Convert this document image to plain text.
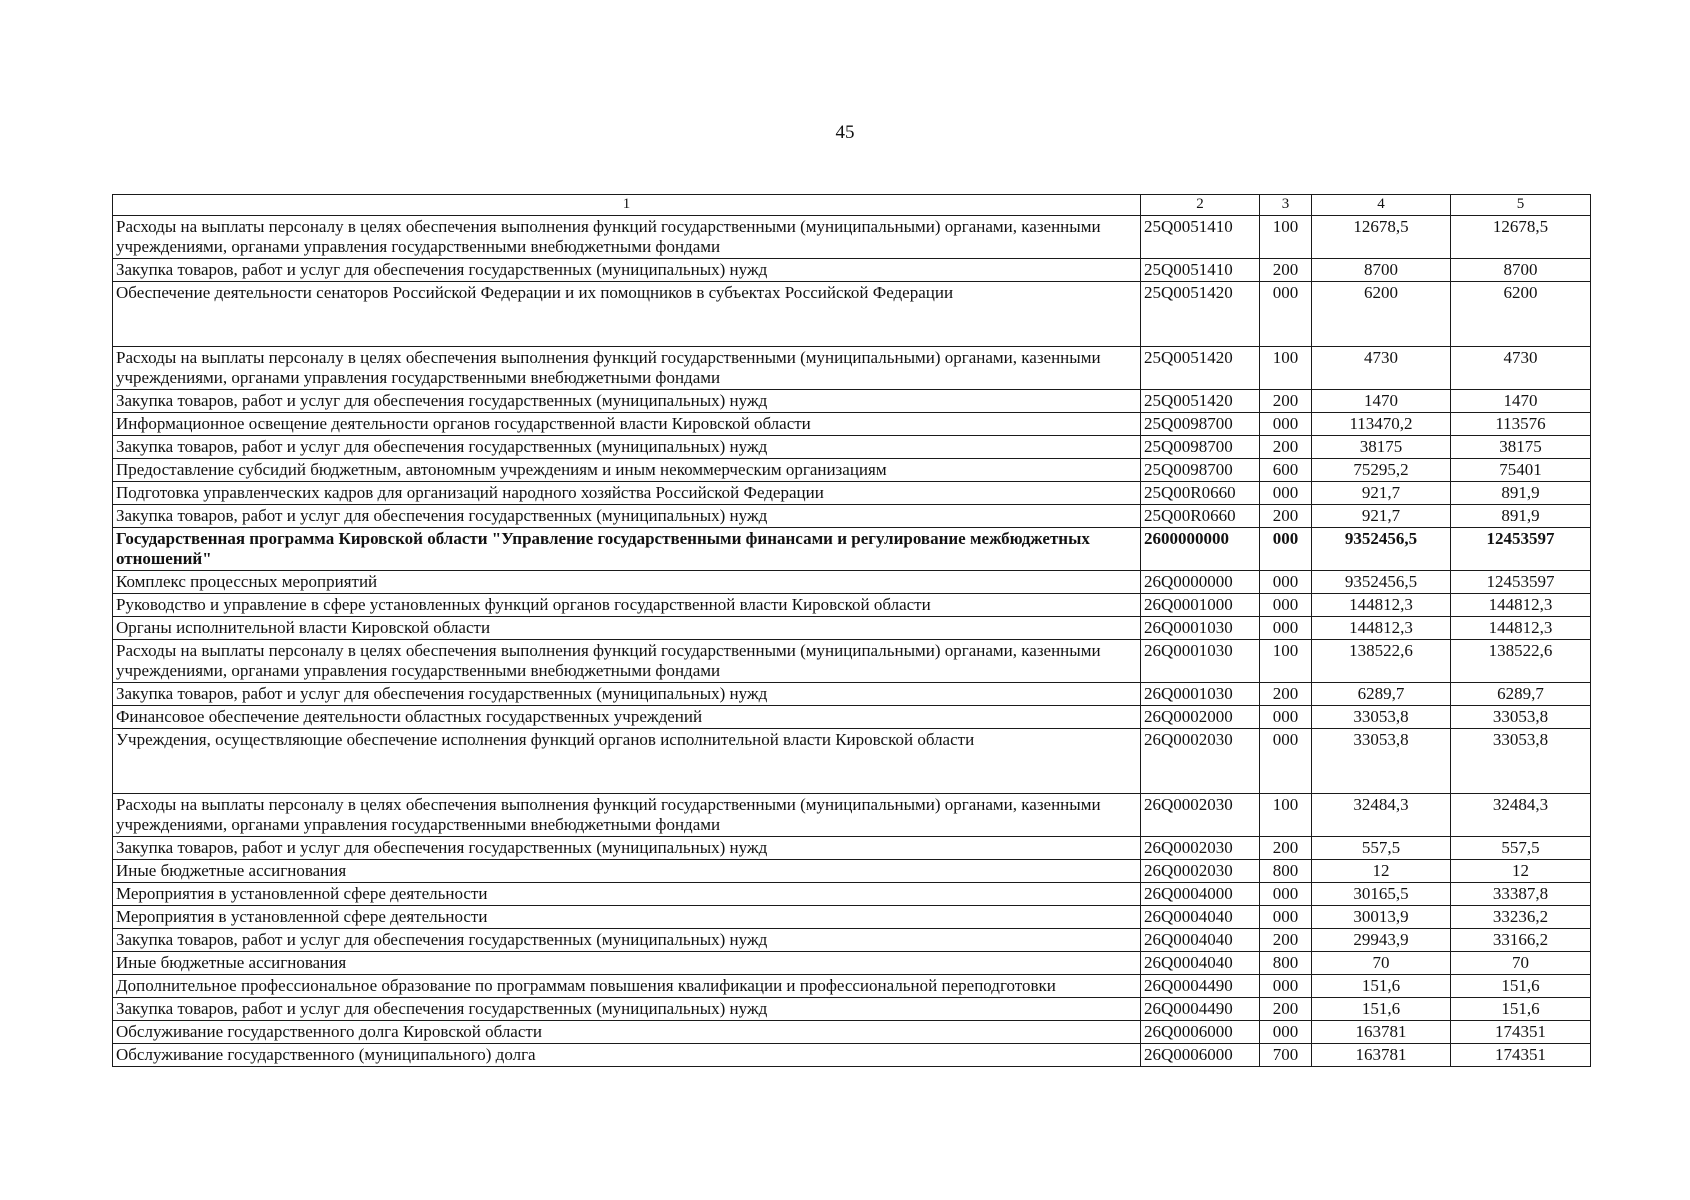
45
1	2	3	4	5
Расходы на выплаты персоналу в целях обеспечения выполнения функций государственными (муниципальными) органами, казенными учреждениями, органами управления государственными внебюджетными фондами	25Q0051410	100	12678,5	12678,5
Закупка товаров, работ и услуг для обеспечения государственных (муниципальных) нужд	25Q0051410	200	8700	8700
Обеспечение деятельности сенаторов Российской Федерации и их помощников в субъектах Российской Федерации	25Q0051420	000	6200	6200
Расходы на выплаты персоналу в целях обеспечения выполнения функций государственными (муниципальными) органами, казенными учреждениями, органами управления государственными внебюджетными фондами	25Q0051420	100	4730	4730
Закупка товаров, работ и услуг для обеспечения государственных (муниципальных) нужд	25Q0051420	200	1470	1470
Информационное освещение деятельности органов государственной власти Кировской области	25Q0098700	000	113470,2	113576
Закупка товаров, работ и услуг для обеспечения государственных (муниципальных) нужд	25Q0098700	200	38175	38175
Предоставление субсидий бюджетным, автономным учреждениям и иным некоммерческим организациям	25Q0098700	600	75295,2	75401
Подготовка управленческих кадров для организаций народного хозяйства Российской Федерации	25Q00R0660	000	921,7	891,9
Закупка товаров, работ и услуг для обеспечения государственных (муниципальных) нужд	25Q00R0660	200	921,7	891,9
Государственная программа Кировской области "Управление государственными финансами и регулирование межбюджетных отношений"	2600000000	000	9352456,5	12453597
Комплекс процессных мероприятий	26Q0000000	000	9352456,5	12453597
Руководство и управление в сфере установленных функций органов государственной власти Кировской области	26Q0001000	000	144812,3	144812,3
Органы исполнительной власти Кировской области	26Q0001030	000	144812,3	144812,3
Расходы на выплаты персоналу в целях обеспечения выполнения функций государственными (муниципальными) органами, казенными учреждениями, органами управления государственными внебюджетными фондами	26Q0001030	100	138522,6	138522,6
Закупка товаров, работ и услуг для обеспечения государственных (муниципальных) нужд	26Q0001030	200	6289,7	6289,7
Финансовое обеспечение деятельности областных государственных учреждений	26Q0002000	000	33053,8	33053,8
Учреждения, осуществляющие обеспечение исполнения функций органов исполнительной власти Кировской области	26Q0002030	000	33053,8	33053,8
Расходы на выплаты персоналу в целях обеспечения выполнения функций государственными (муниципальными) органами, казенными учреждениями, органами управления государственными внебюджетными фондами	26Q0002030	100	32484,3	32484,3
Закупка товаров, работ и услуг для обеспечения государственных (муниципальных) нужд	26Q0002030	200	557,5	557,5
Иные бюджетные ассигнования	26Q0002030	800	12	12
Мероприятия в установленной сфере деятельности	26Q0004000	000	30165,5	33387,8
Мероприятия в установленной сфере деятельности	26Q0004040	000	30013,9	33236,2
Закупка товаров, работ и услуг для обеспечения государственных (муниципальных) нужд	26Q0004040	200	29943,9	33166,2
Иные бюджетные ассигнования	26Q0004040	800	70	70
Дополнительное профессиональное образование по программам повышения квалификации и профессиональной переподготовки	26Q0004490	000	151,6	151,6
Закупка товаров, работ и услуг для обеспечения государственных (муниципальных) нужд	26Q0004490	200	151,6	151,6
Обслуживание государственного долга Кировской области	26Q0006000	000	163781	174351
Обслуживание государственного (муниципального) долга	26Q0006000	700	163781	174351
